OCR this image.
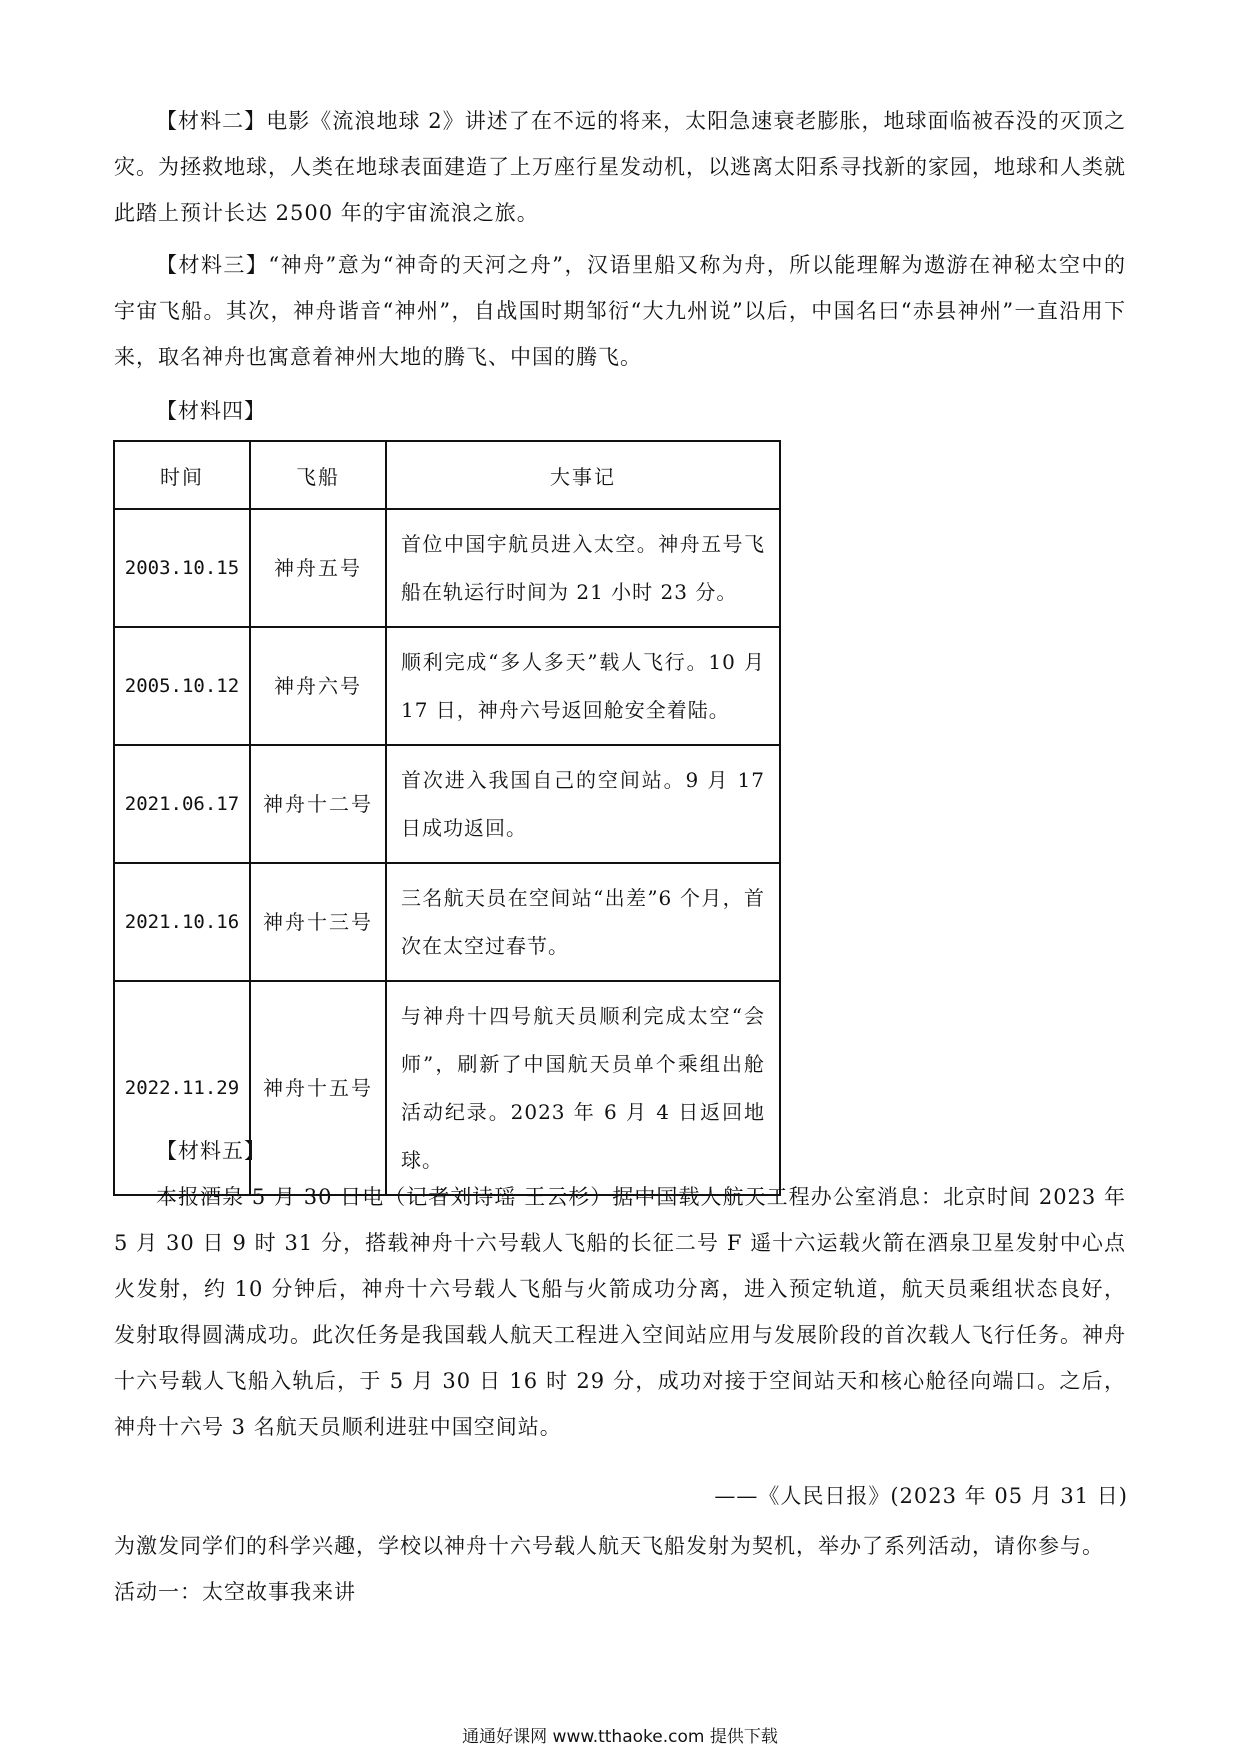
【材料二】电影《流浪地球 2》讲述了在不远的将来，太阳急速衰老膨胀，地球面临被吞没的灭顶之灾。为拯救地球，人类在地球表面建造了上万座行星发动机，以逃离太阳系寻找新的家园，地球和人类就此踏上预计长达 2500 年的宇宙流浪之旅。

【材料三】“神舟”意为“神奇的天河之舟”，汉语里船又称为舟，所以能理解为遨游在神秘太空中的宇宙飞船。其次，神舟谐音“神州”，自战国时期邹衍“大九州说”以后，中国名曰“赤县神州”一直沿用下来，取名神舟也寓意着神州大地的腾飞、中国的腾飞。

【材料四】
时间	飞船	大事记
2003.10.15	神舟五号	首位中国宇航员进入太空。神舟五号飞船在轨运行时间为 21 小时 23 分。
2005.10.12	神舟六号	顺利完成“多人多天”载人飞行。10 月 17 日，神舟六号返回舱安全着陆。
2021.06.17	神舟十二号	首次进入我国自己的空间站。9 月 17 日成功返回。
2021.10.16	神舟十三号	三名航天员在空间站“出差”6 个月，首次在太空过春节。
2022.11.29	神舟十五号	与神舟十四号航天员顺利完成太空“会师”，刷新了中国航天员单个乘组出舱活动纪录。2023 年 6 月 4 日返回地球。
【材料五】

本报酒泉 5 月 30 日电（记者刘诗瑶 王云杉）据中国载人航天工程办公室消息：北京时间 2023 年 5 月 30 日 9 时 31 分，搭载神舟十六号载人飞船的长征二号 F 遥十六运载火箭在酒泉卫星发射中心点火发射，约 10 分钟后，神舟十六号载人飞船与火箭成功分离，进入预定轨道，航天员乘组状态良好，发射取得圆满成功。此次任务是我国载人航天工程进入空间站应用与发展阶段的首次载人飞行任务。神舟十六号载人飞船入轨后，于 5 月 30 日 16 时 29 分，成功对接于空间站天和核心舱径向端口。之后，神舟十六号 3 名航天员顺利进驻中国空间站。

——《人民日报》(2023 年 05 月 31 日)
为激发同学们的科学兴趣，学校以神舟十六号载人航天飞船发射为契机，举办了系列活动，请你参与。
活动一：太空故事我来讲
通通好课网 www.tthaoke.com 提供下载
